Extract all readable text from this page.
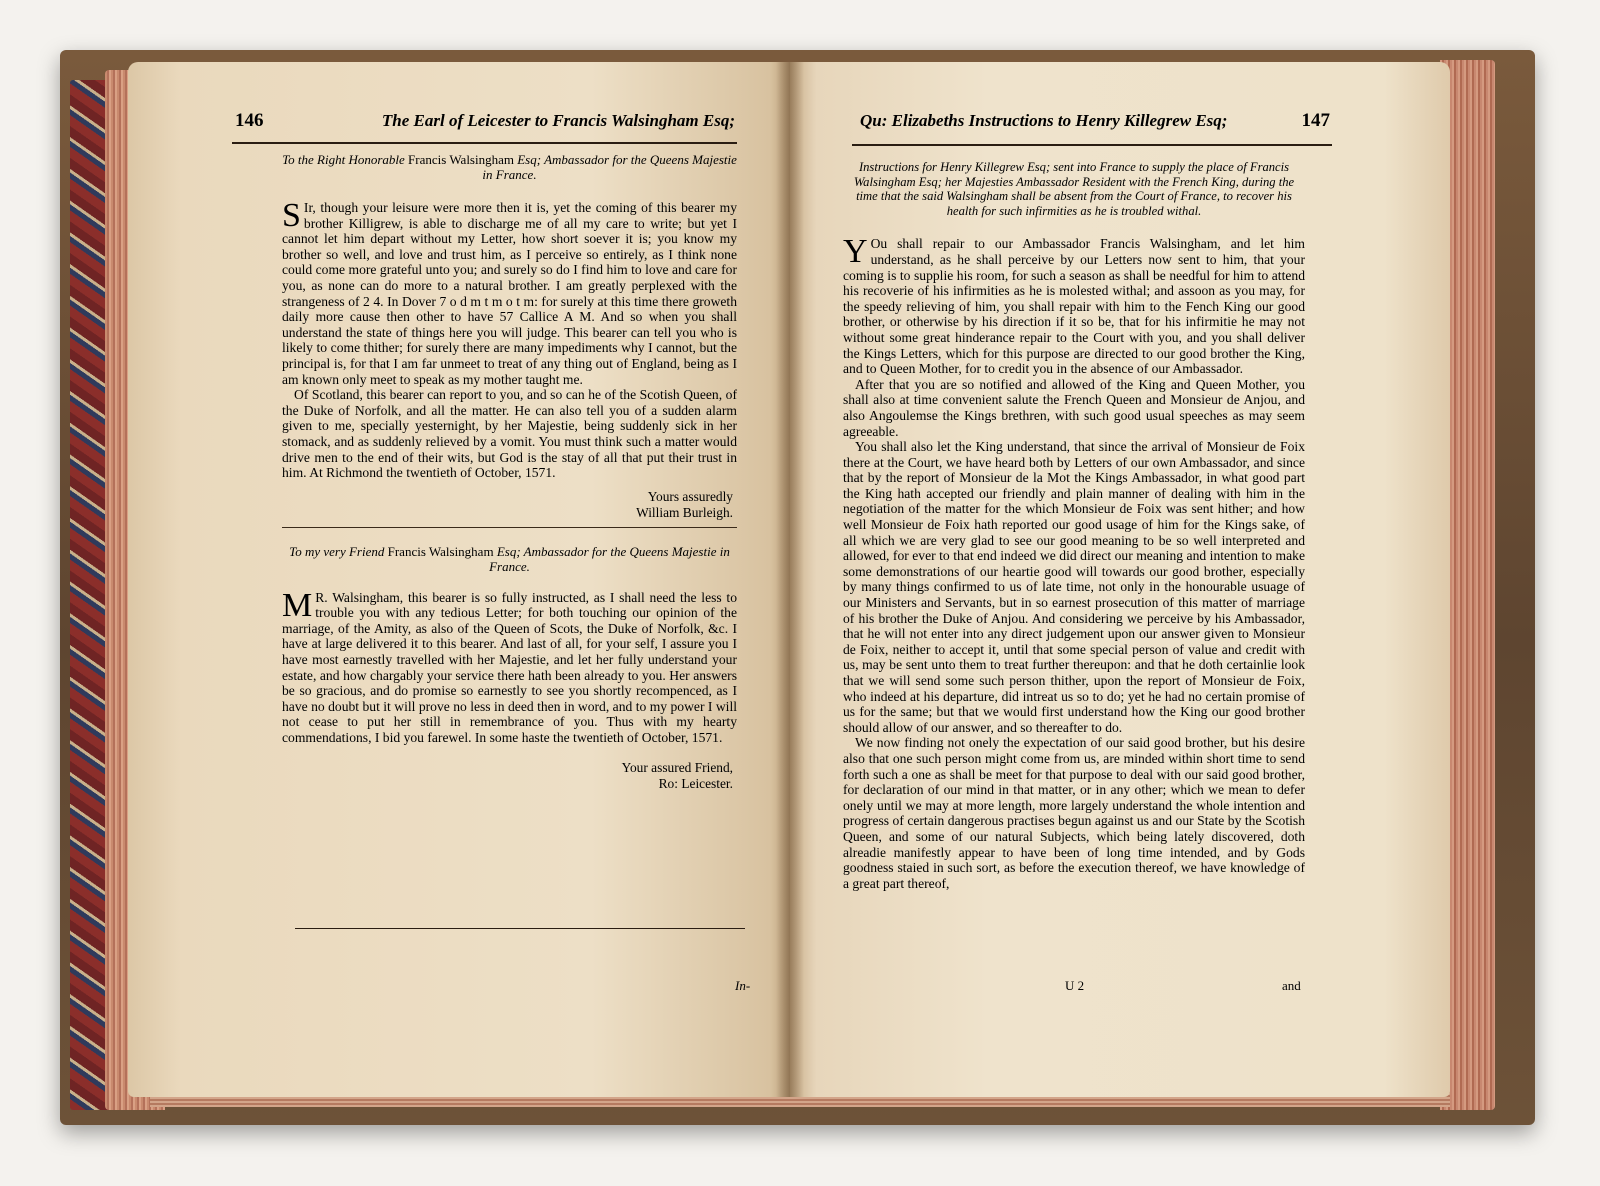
146	The Earl of Leicester to Francis Walsingham Esq;
To the Right Honorable Francis Walsingham Esq; Ambassador for the Queens Majestie in France.

S Ir, though your leisure were more then it is, yet the coming of this bearer my brother Killigrew, is able to discharge me of all my care to write; but yet I cannot let him depart without my Letter, how short soever it is; you know my brother so well, and love and trust him, as I perceive so entirely, as I think none could come more grateful unto you; and surely so do I find him to love and care for you, as none can do more to a natural brother. I am greatly perplexed with the strangeness of 2 4. In Dover 7 o d m t m o t m: for surely at this time there groweth daily more cause then other to have 57 Callice A M. And so when you shall understand the state of things here you will judge. This bearer can tell you who is likely to come thither; for surely there are many impediments why I cannot, but the principal is, for that I am far unmeet to treat of any thing out of England, being as I am known only meet to speak as my mother taught me.

Of Scotland, this bearer can report to you, and so can he of the Scotish Queen, of the Duke of Norfolk, and all the matter. He can also tell you of a sudden alarm given to me, specially yesternight, by her Majestie, being suddenly sick in her stomack, and as suddenly relieved by a vomit. You must think such a matter would drive men to the end of their wits, but God is the stay of all that put their trust in him. At Richmond the twentieth of October, 1571.

Yours assuredly
William Burleigh.
To my very Friend Francis Walsingham Esq; Ambassador for the Queens Majestie in France.

M R. Walsingham, this bearer is so fully instructed, as I shall need the less to trouble you with any tedious Letter; for both touching our opinion of the marriage, of the Amity, as also of the Queen of Scots, the Duke of Norfolk, &c. I have at large delivered it to this bearer. And last of all, for your self, I assure you I have most earnestly travelled with her Majestie, and let her fully understand your estate, and how chargably your service there hath been already to you. Her answers be so gracious, and do promise so earnestly to see you shortly recompenced, as I have no doubt but it will prove no less in deed then in word, and to my power I will not cease to put her still in remembrance of you. Thus with my hearty commendations, I bid you farewel. In some haste the twentieth of October, 1571.

Your assured Friend,
Ro: Leicester.
In-
Qu: Elizabeths Instructions to Henry Killegrew Esq;	147
Instructions for Henry Killegrew Esq; sent into France to supply the place of Francis Walsingham Esq; her Majesties Ambassador Resident with the French King, during the time that the said Walsingham shall be absent from the Court of France, to recover his health for such infirmities as he is troubled withal.

Y Ou shall repair to our Ambassador Francis Walsingham, and let him understand, as he shall perceive by our Letters now sent to him, that your coming is to supplie his room, for such a season as shall be needful for him to attend his recoverie of his infirmities as he is molested withal; and assoon as you may, for the speedy relieving of him, you shall repair with him to the Fench King our good brother, or otherwise by his direction if it so be, that for his infirmitie he may not without some great hinderance repair to the Court with you, and you shall deliver the Kings Letters, which for this purpose are directed to our good brother the King, and to Queen Mother, for to credit you in the absence of our Ambassador.

After that you are so notified and allowed of the King and Queen Mother, you shall also at time convenient salute the French Queen and Monsieur de Anjou, and also Angoulemse the Kings brethren, with such good usual speeches as may seem agreeable.

You shall also let the King understand, that since the arrival of Monsieur de Foix there at the Court, we have heard both by Letters of our own Ambassador, and since that by the report of Monsieur de la Mot the Kings Ambassador, in what good part the King hath accepted our friendly and plain manner of dealing with him in the negotiation of the matter for the which Monsieur de Foix was sent hither; and how well Monsieur de Foix hath reported our good usage of him for the Kings sake, of all which we are very glad to see our good meaning to be so well interpreted and allowed, for ever to that end indeed we did direct our meaning and intention to make some demonstrations of our heartie good will towards our good brother, especially by many things confirmed to us of late time, not only in the honourable usuage of our Ministers and Servants, but in so earnest prosecution of this matter of marriage of his brother the Duke of Anjou. And considering we perceive by his Ambassador, that he will not enter into any direct judgement upon our answer given to Monsieur de Foix, neither to accept it, until that some special person of value and credit with us, may be sent unto them to treat further thereupon: and that he doth certainlie look that we will send some such person thither, upon the report of Monsieur de Foix, who indeed at his departure, did intreat us so to do; yet he had no certain promise of us for the same; but that we would first understand how the King our good brother should allow of our answer, and so thereafter to do.

We now finding not onely the expectation of our said good brother, but his desire also that one such person might come from us, are minded within short time to send forth such a one as shall be meet for that purpose to deal with our said good brother, for declaration of our mind in that matter, or in any other; which we mean to defer onely until we may at more length, more largely understand the whole intention and progress of certain dangerous practises begun against us and our State by the Scotish Queen, and some of our natural Subjects, which being lately discovered, doth alreadie manifestly appear to have been of long time intended, and by Gods goodness staied in such sort, as before the execution thereof, we have knowledge of a great part thereof,

U 2	and
